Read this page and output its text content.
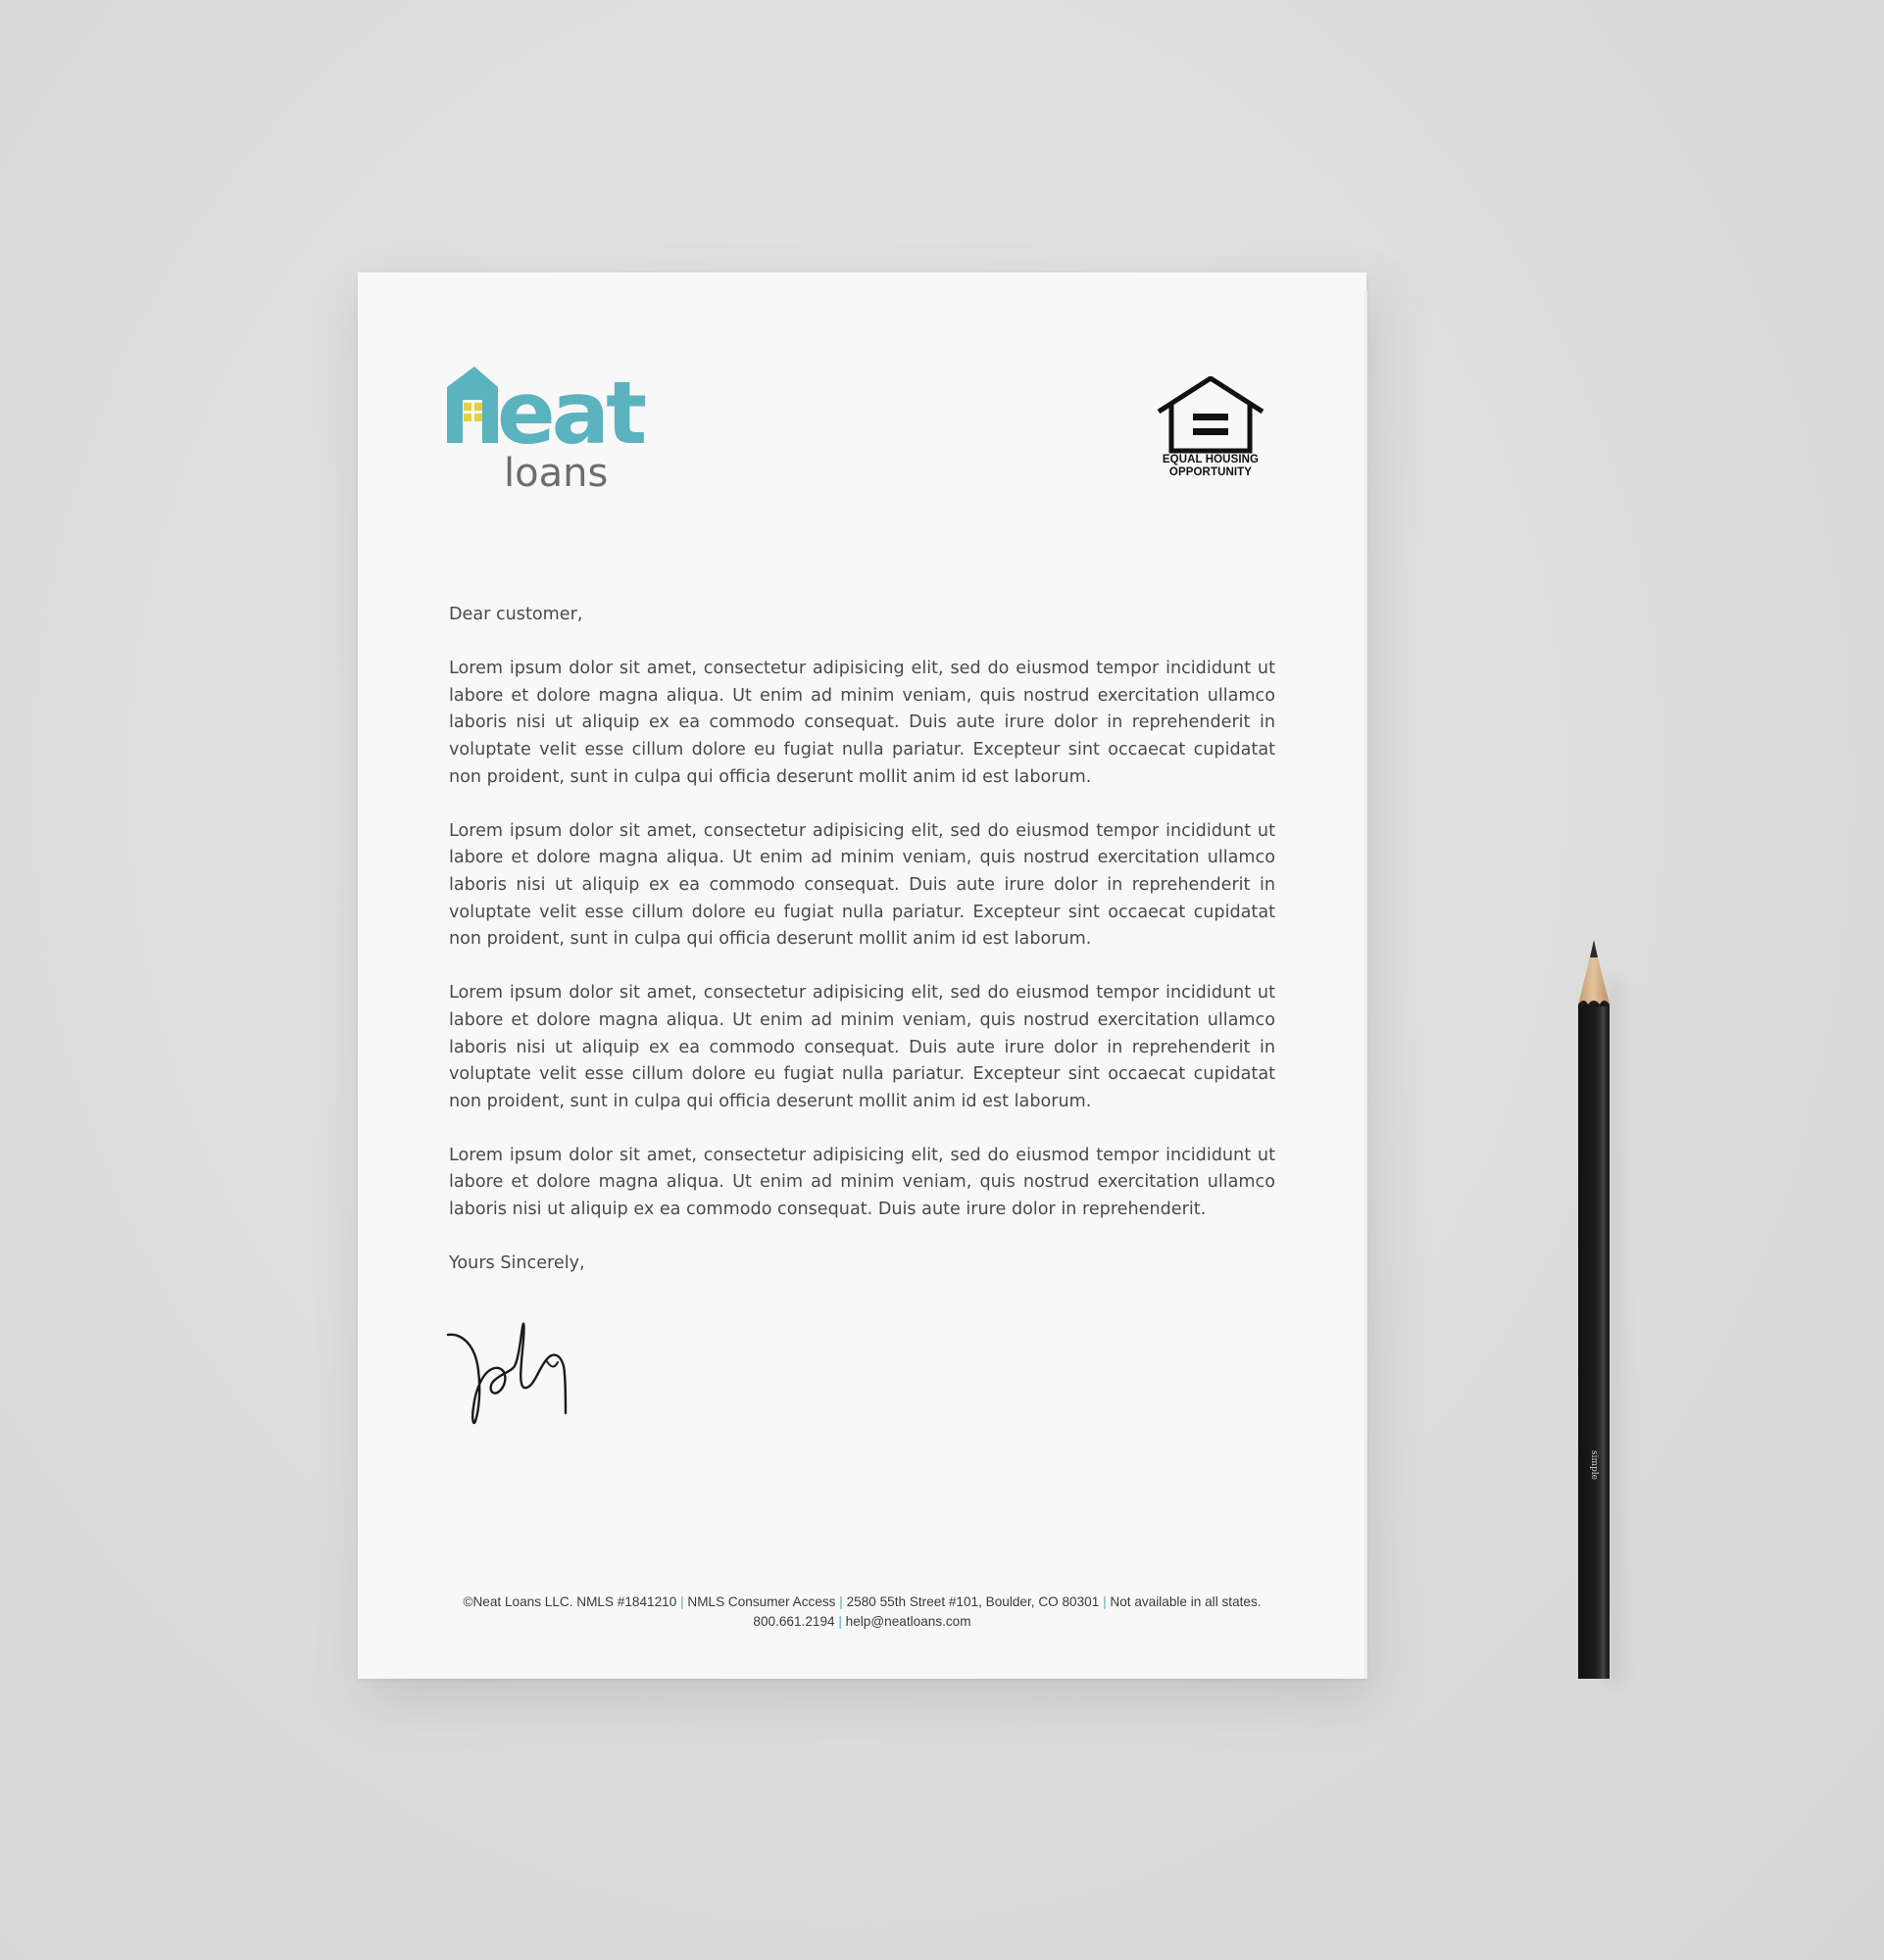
eat
loans	EQUAL HOUSING
OPPORTUNITY

Dear customer,

Lorem ipsum dolor sit amet, consectetur adipisicing elit, sed do eiusmod tempor incididunt ut labore et dolore magna aliqua. Ut enim ad minim veniam, quis nostrud exercitation ullamco laboris nisi ut aliquip ex ea commodo consequat. Duis aute irure dolor in reprehenderit in voluptate velit esse cillum dolore eu fugiat nulla pariatur. Excepteur sint occaecat cupidatat non proident, sunt in culpa qui officia deserunt mollit anim id est laborum.

Lorem ipsum dolor sit amet, consectetur adipisicing elit, sed do eiusmod tempor incididunt ut labore et dolore magna aliqua. Ut enim ad minim veniam, quis nostrud exercitation ullamco laboris nisi ut aliquip ex ea commodo consequat. Duis aute irure dolor in reprehenderit in voluptate velit esse cillum dolore eu fugiat nulla pariatur. Excepteur sint occaecat cupidatat non proident, sunt in culpa qui officia deserunt mollit anim id est laborum.

Lorem ipsum dolor sit amet, consectetur adipisicing elit, sed do eiusmod tempor incididunt ut labore et dolore magna aliqua. Ut enim ad minim veniam, quis nostrud exercitation ullamco laboris nisi ut aliquip ex ea commodo consequat. Duis aute irure dolor in reprehenderit in voluptate velit esse cillum dolore eu fugiat nulla pariatur. Excepteur sint occaecat cupidatat non proident, sunt in culpa qui officia deserunt mollit anim id est laborum.

Lorem ipsum dolor sit amet, consectetur adipisicing elit, sed do eiusmod tempor incididunt ut labore et dolore magna aliqua. Ut enim ad minim veniam, quis nostrud exercitation ullamco laboris nisi ut aliquip ex ea commodo consequat. Duis aute irure dolor in reprehenderit.

Yours Sincerely,

©Neat Loans LLC. NMLS #1841210 | NMLS Consumer Access | 2580 55th Street #101, Boulder, CO 80301 | Not available in all states.
800.661.2194 | help@neatloans.com
simple
